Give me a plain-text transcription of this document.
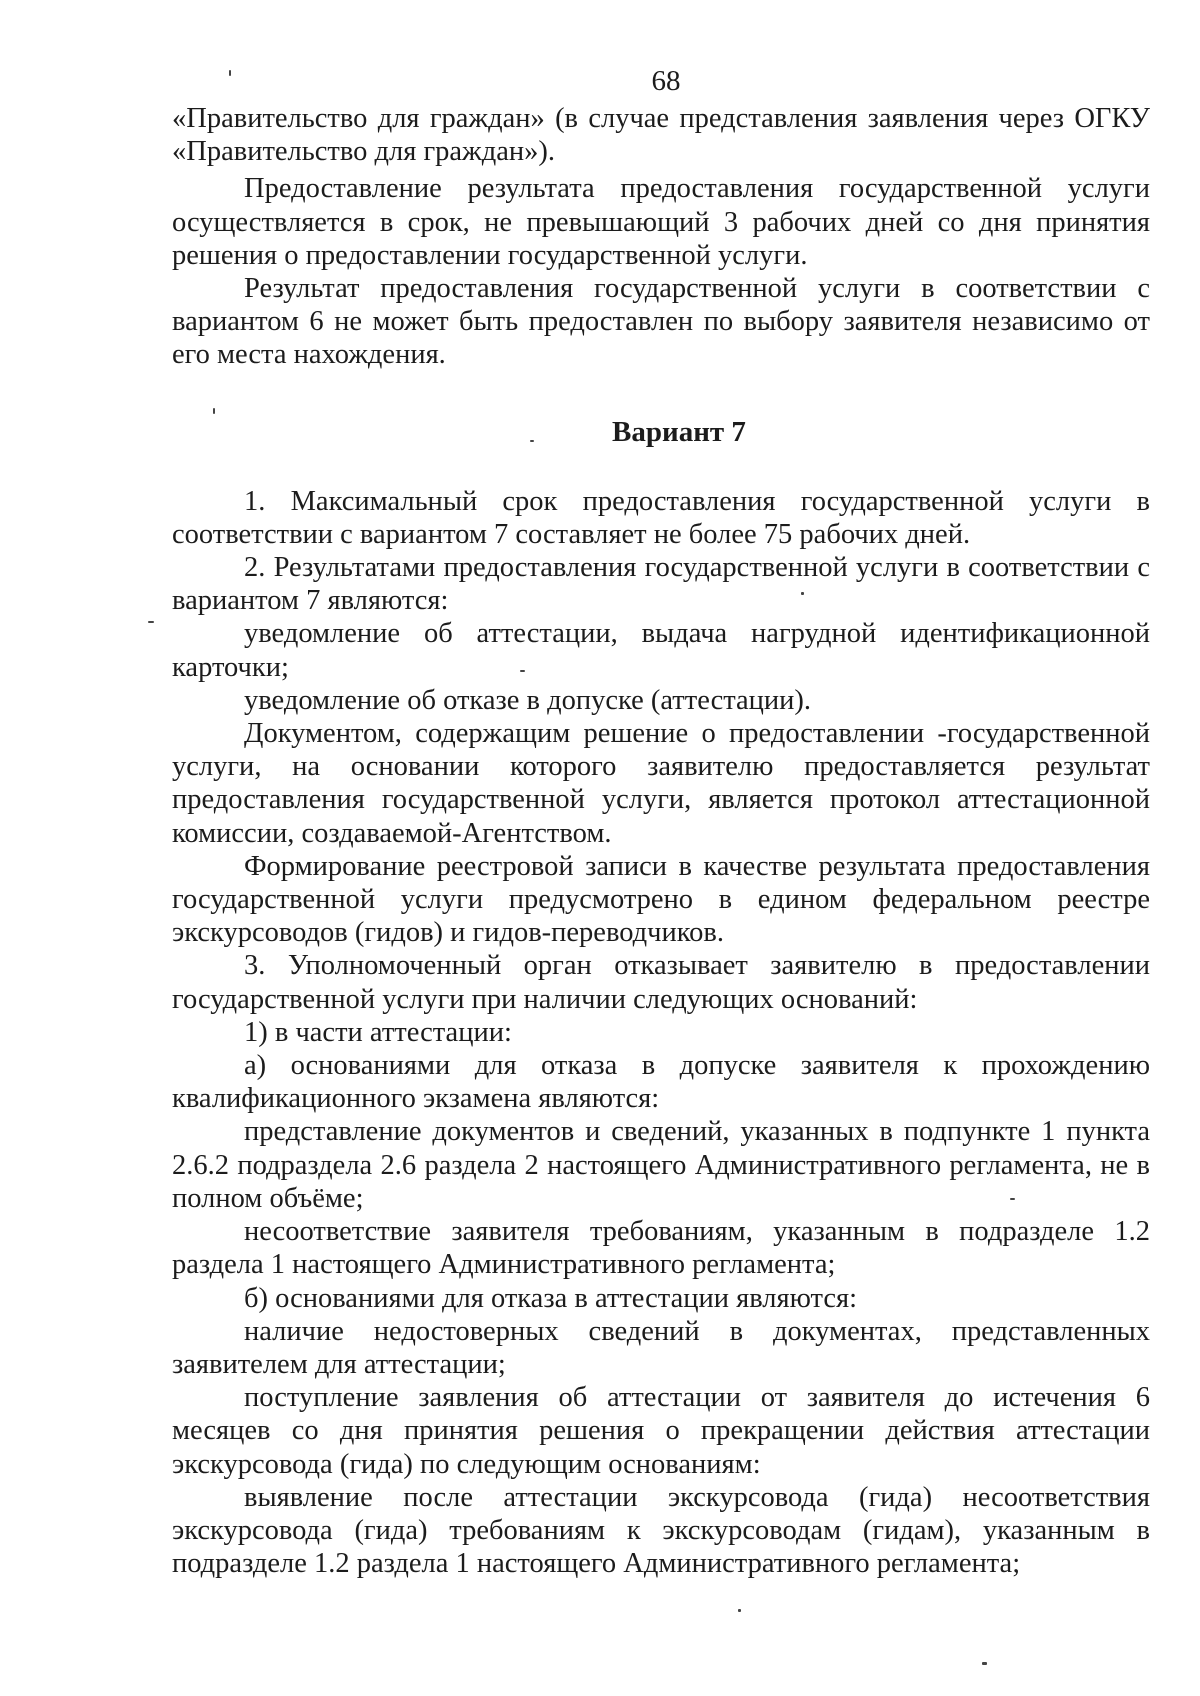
68

«Правительство для граждан» (в случае представления заявления через ОГКУ «Правительство для граждан»).

Предоставление результата предоставления государственной услуги осуществляется в срок, не превышающий 3 рабочих дней со дня принятия решения о предоставлении государственной услуги.

Результат предоставления государственной услуги в соответствии с вариантом 6 не может быть предоставлен по выбору заявителя независимо от его места нахождения.

Вариант 7

1. Максимальный срок предоставления государственной услуги в соответствии с вариантом 7 составляет не более 75 рабочих дней.

2. Результатами предоставления государственной услуги в соответствии с вариантом 7 являются:

уведомление об аттестации, выдача нагрудной идентификационной карточки;

уведомление об отказе в допуске (аттестации).

Документом, содержащим решение о предоставлении -государственной услуги, на основании которого заявителю предоставляется результат предоставления государственной услуги, является протокол аттестационной комиссии, создаваемой-Агентством.

Формирование реестровой записи в качестве результата предоставления государственной услуги предусмотрено в едином федеральном реестре экскурсоводов (гидов) и гидов-переводчиков.

3. Уполномоченный орган отказывает заявителю в предоставлении государственной услуги при наличии следующих оснований:

1) в части аттестации:

а) основаниями для отказа в допуске заявителя к прохождению квалификационного экзамена являются:

представление документов и сведений, указанных в подпункте 1 пункта 2.6.2 подраздела 2.6 раздела 2 настоящего Административного регламента, не в полном объёме;

несоответствие заявителя требованиям, указанным в подразделе 1.2 раздела 1 настоящего Административного регламента;

б) основаниями для отказа в аттестации являются:

наличие недостоверных сведений в документах, представленных заявителем для аттестации;

поступление заявления об аттестации от заявителя до истечения 6 месяцев со дня принятия решения о прекращении действия аттестации экскурсовода (гида) по следующим основаниям:

выявление после аттестации экскурсовода (гида) несоответствия экскурсовода (гида) требованиям к экскурсоводам (гидам), указанным в подразделе 1.2 раздела 1 настоящего Административного регламента;
